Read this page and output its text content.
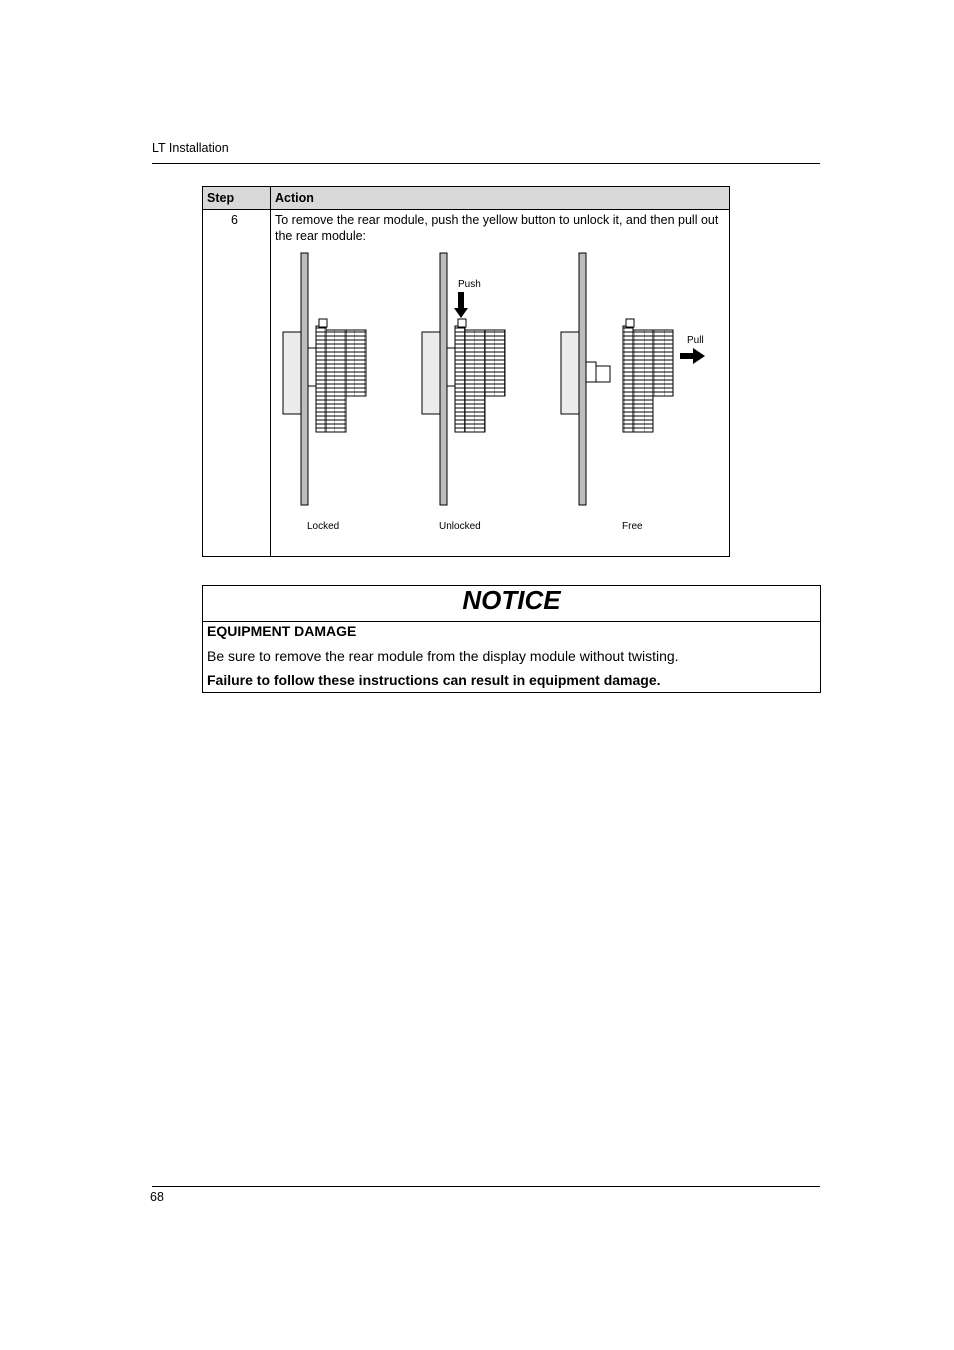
LT Installation
Step	Action
6	To remove the rear module, push the yellow button to unlock it, and then pull out the rear module:
Push
Pull
Locked	Unlocked	Free
NOTICE
EQUIPMENT DAMAGE
Be sure to remove the rear module from the display module without twisting.
Failure to follow these instructions can result in equipment damage.
68
